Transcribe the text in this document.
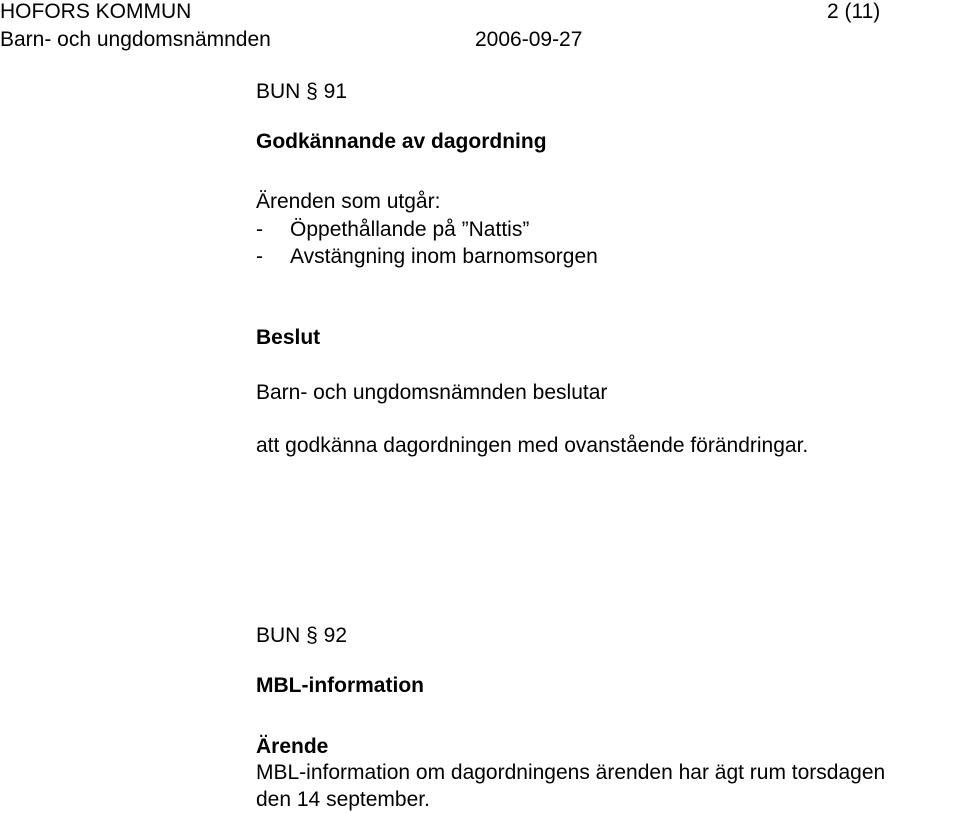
HOFORS KOMMUN	2 (11)
Barn- och ungdomsnämnden	2006-09-27
BUN § 91
Godkännande av dagordning
Ärenden som utgår:
- Öppethållande på ”Nattis”
- Avstängning inom barnomsorgen
Beslut
Barn- och ungdomsnämnden beslutar
att godkänna dagordningen med ovanstående förändringar.
BUN § 92
MBL-information
Ärende
MBL-information om dagordningens ärenden har ägt rum torsdagen
den 14 september.
